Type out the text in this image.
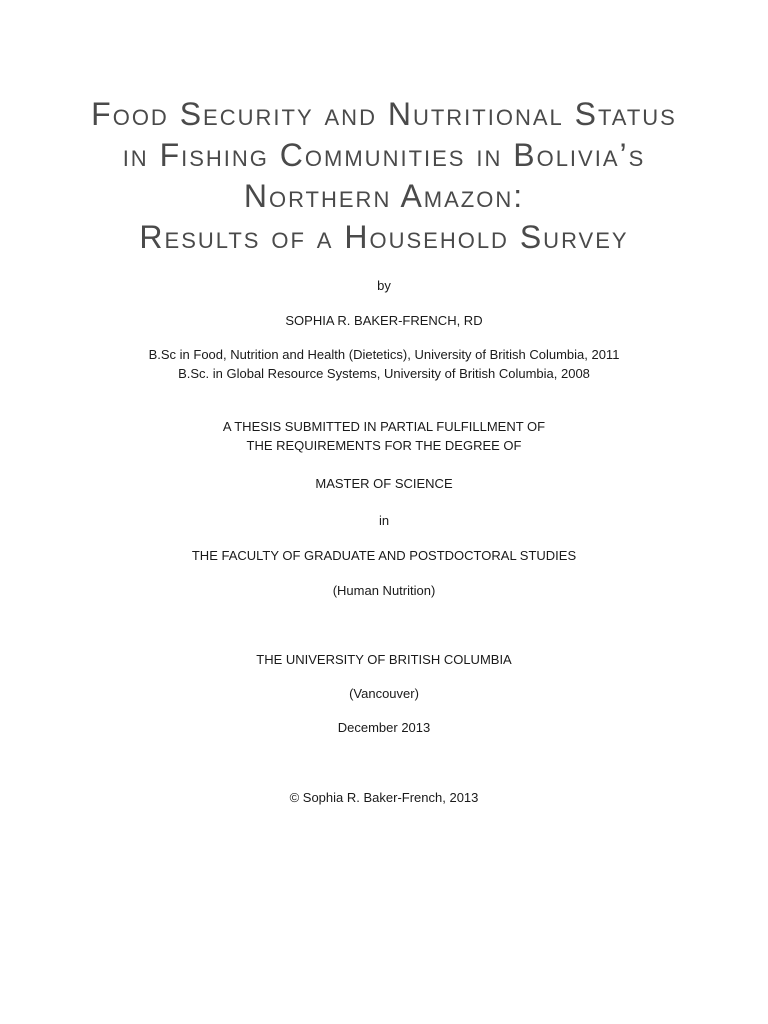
Food Security and Nutritional Status
in Fishing Communities in Bolivia’s
Northern Amazon:
Results of a Household Survey

by

SOPHIA R. BAKER-FRENCH, RD

B.Sc in Food, Nutrition and Health (Dietetics), University of British Columbia, 2011

B.Sc. in Global Resource Systems, University of British Columbia, 2008

A THESIS SUBMITTED IN PARTIAL FULFILLMENT OF

THE REQUIREMENTS FOR THE DEGREE OF

MASTER OF SCIENCE

in

THE FACULTY OF GRADUATE AND POSTDOCTORAL STUDIES

(Human Nutrition)

THE UNIVERSITY OF BRITISH COLUMBIA

(Vancouver)

December 2013

© Sophia R. Baker-French, 2013
